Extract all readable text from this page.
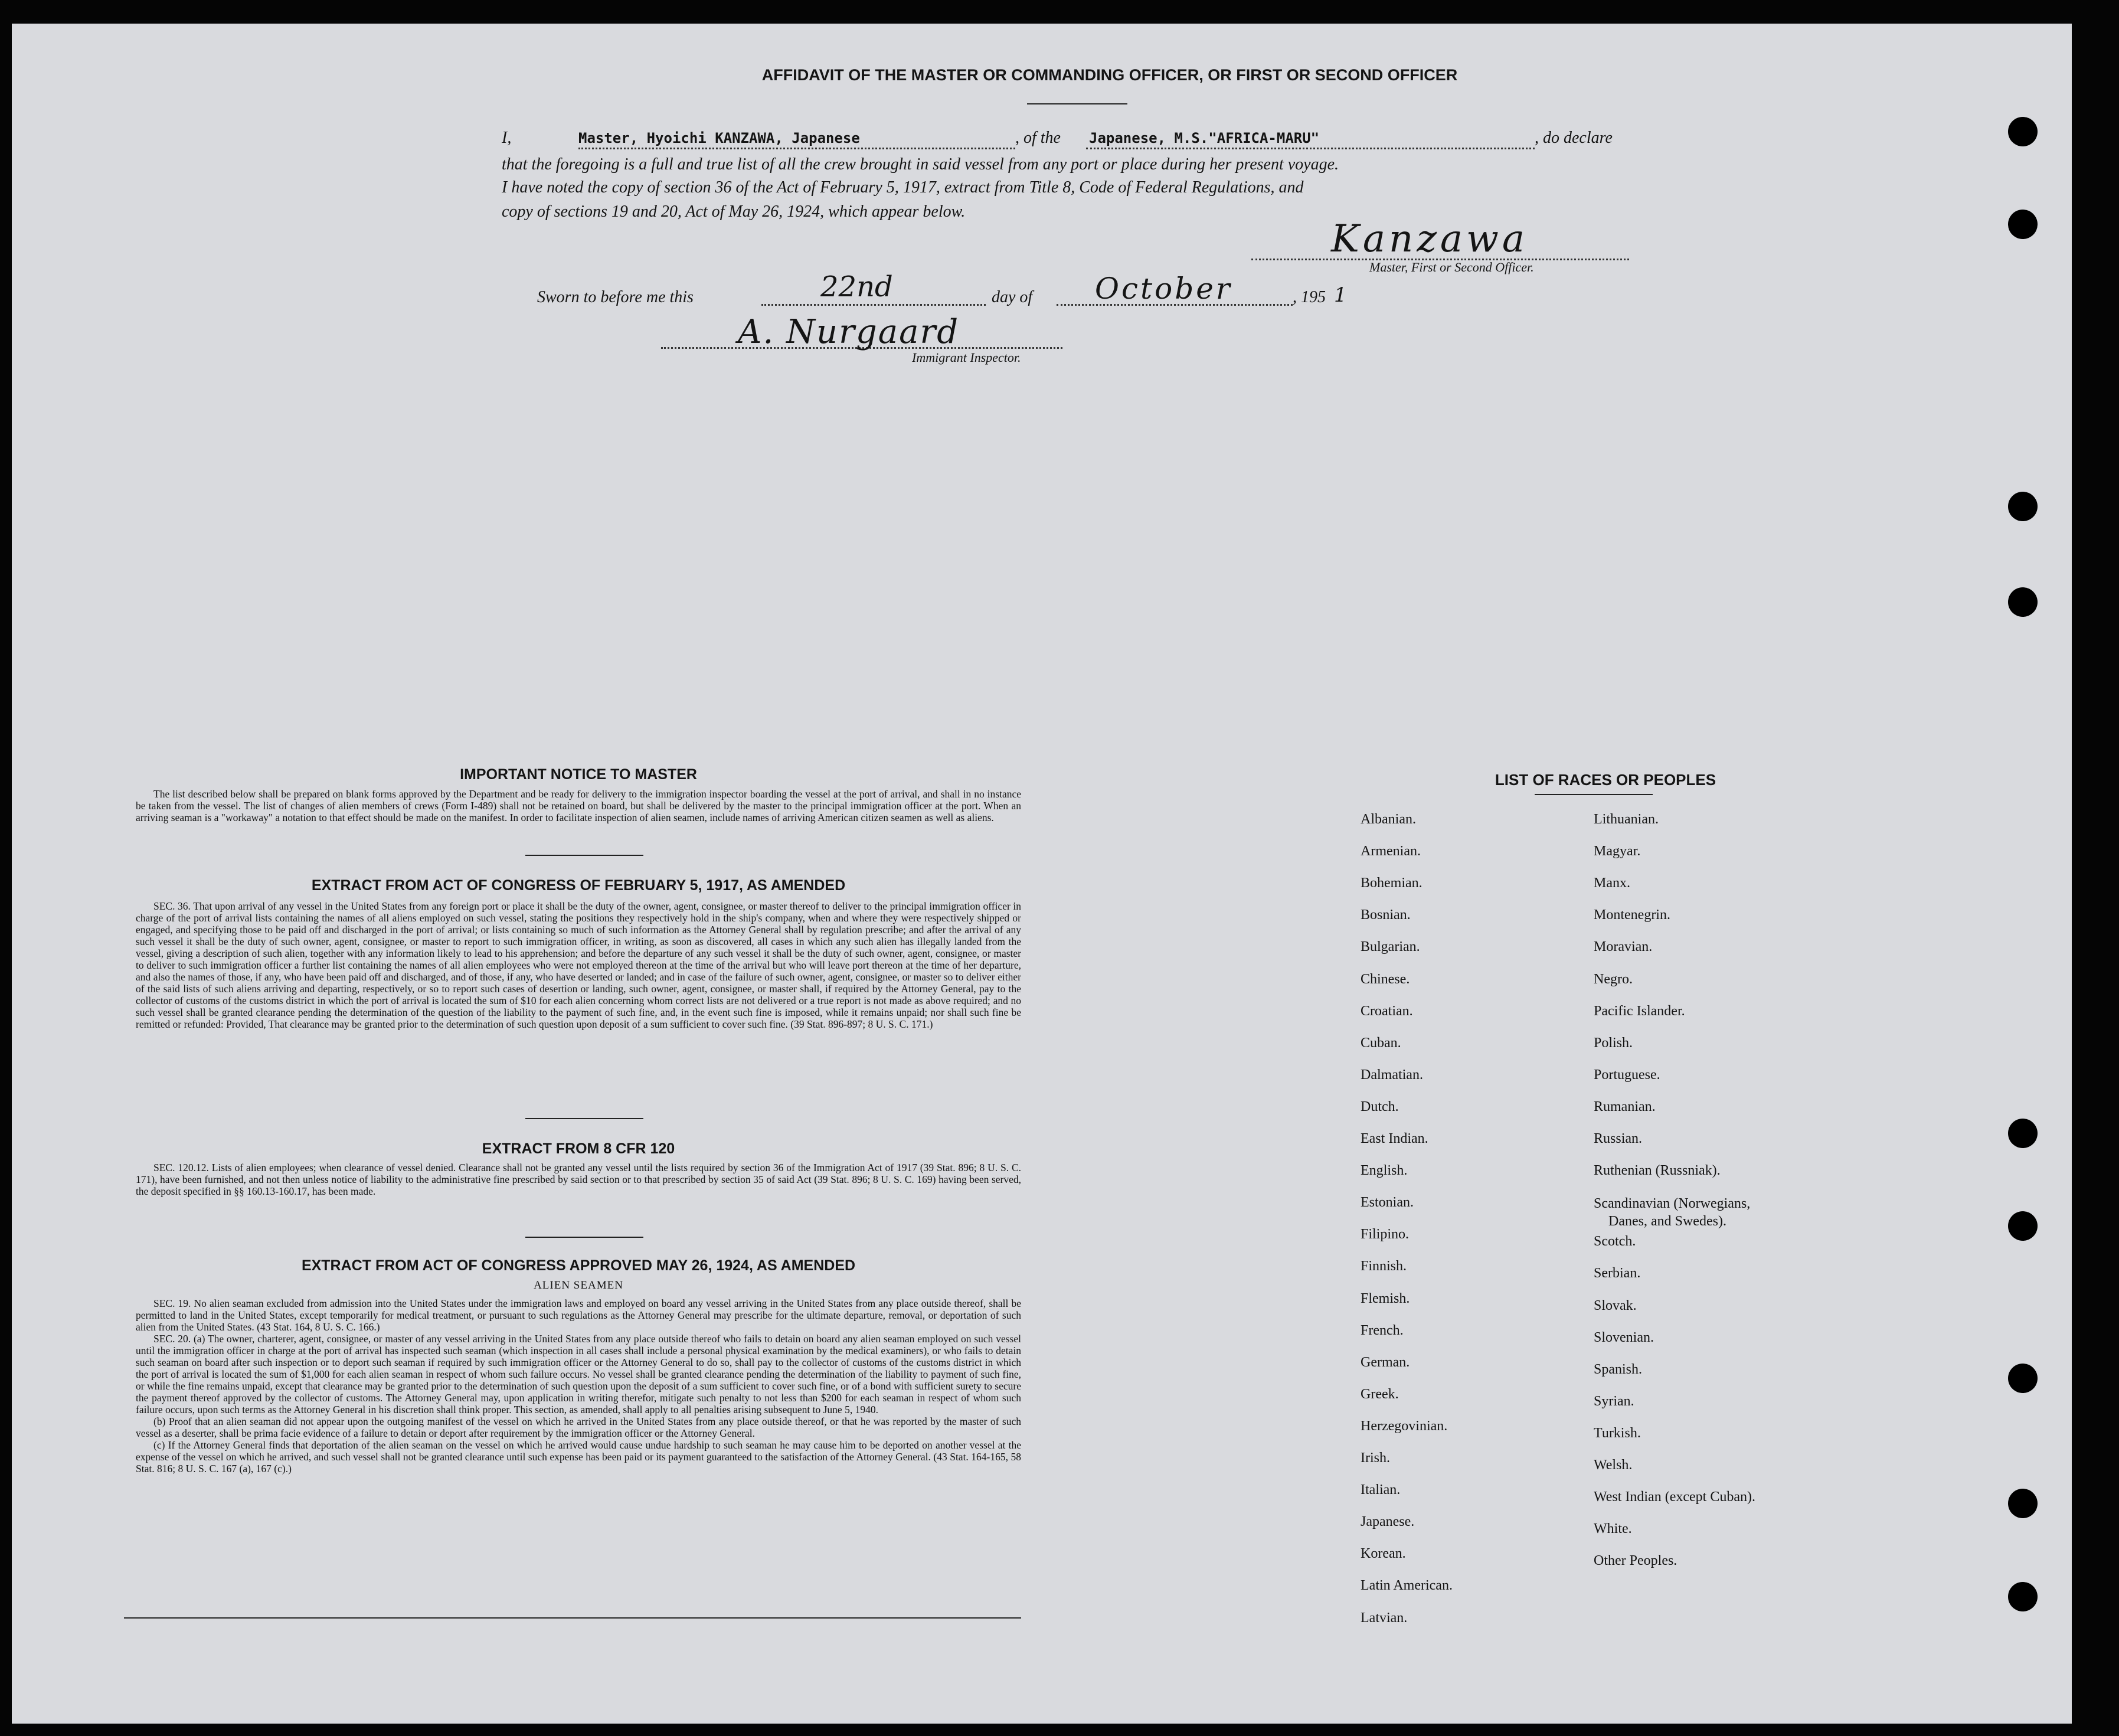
AFFIDAVIT OF THE MASTER OR COMMANDING OFFICER, OR FIRST OR SECOND OFFICER
I,	Master, Hyoichi KANZAWA, Japanese	, of the Japanese, M.S."AFRICA-MARU"	, do declare
that the foregoing is a full and true list of all the crew brought in said vessel from any port or place during her present voyage.
I have noted the copy of section 36 of the Act of February 5, 1917, extract from Title 8, Code of Federal Regulations, and
copy of sections 19 and 20, Act of May 26, 1924, which appear below.
Kanzawa
Master, First or Second Officer.
Sworn to before me this	22nd	day of October	, 195 1
A. Nurgaard
Immigrant Inspector.
IMPORTANT NOTICE TO MASTER

The list described below shall be prepared on blank forms approved by the Department and be ready for delivery to the immigration inspector boarding the vessel at the port of arrival, and shall in no instance be taken from the vessel. The list of changes of alien members of crews (Form I-489) shall not be retained on board, but shall be delivered by the master to the principal immigration officer at the port. When an arriving seaman is a "workaway" a notation to that effect should be made on the manifest. In order to facilitate inspection of alien seamen, include names of arriving American citizen seamen as well as aliens.

EXTRACT FROM ACT OF CONGRESS OF FEBRUARY 5, 1917, AS AMENDED

SEC. 36. That upon arrival of any vessel in the United States from any foreign port or place it shall be the duty of the owner, agent, consignee, or master thereof to deliver to the principal immigration officer in charge of the port of arrival lists containing the names of all aliens employed on such vessel, stating the positions they respectively hold in the ship's company, when and where they were respectively shipped or engaged, and specifying those to be paid off and discharged in the port of arrival; or lists containing so much of such information as the Attorney General shall by regulation prescribe; and after the arrival of any such vessel it shall be the duty of such owner, agent, consignee, or master to report to such immigration officer, in writing, as soon as discovered, all cases in which any such alien has illegally landed from the vessel, giving a description of such alien, together with any information likely to lead to his apprehension; and before the departure of any such vessel it shall be the duty of such owner, agent, consignee, or master to deliver to such immigration officer a further list containing the names of all alien employees who were not employed thereon at the time of the arrival but who will leave port thereon at the time of her departure, and also the names of those, if any, who have been paid off and discharged, and of those, if any, who have deserted or landed; and in case of the failure of such owner, agent, consignee, or master so to deliver either of the said lists of such aliens arriving and departing, respectively, or so to report such cases of desertion or landing, such owner, agent, consignee, or master shall, if required by the Attorney General, pay to the collector of customs of the customs district in which the port of arrival is located the sum of $10 for each alien concerning whom correct lists are not delivered or a true report is not made as above required; and no such vessel shall be granted clearance pending the determination of the question of the liability to the payment of such fine, and, in the event such fine is imposed, while it remains unpaid; nor shall such fine be remitted or refunded: Provided, That clearance may be granted prior to the determination of such question upon deposit of a sum sufficient to cover such fine. (39 Stat. 896-897; 8 U. S. C. 171.)

EXTRACT FROM 8 CFR 120

SEC. 120.12. Lists of alien employees; when clearance of vessel denied. Clearance shall not be granted any vessel until the lists required by section 36 of the Immigration Act of 1917 (39 Stat. 896; 8 U. S. C. 171), have been furnished, and not then unless notice of liability to the administrative fine prescribed by said section or to that prescribed by section 35 of said Act (39 Stat. 896; 8 U. S. C. 169) having been served, the deposit specified in §§ 160.13-160.17, has been made.

EXTRACT FROM ACT OF CONGRESS APPROVED MAY 26, 1924, AS AMENDED
ALIEN SEAMEN

SEC. 19. No alien seaman excluded from admission into the United States under the immigration laws and employed on board any vessel arriving in the United States from any place outside thereof, shall be permitted to land in the United States, except temporarily for medical treatment, or pursuant to such regulations as the Attorney General may prescribe for the ultimate departure, removal, or deportation of such alien from the United States. (43 Stat. 164, 8 U. S. C. 166.)

SEC. 20. (a) The owner, charterer, agent, consignee, or master of any vessel arriving in the United States from any place outside thereof who fails to detain on board any alien seaman employed on such vessel until the immigration officer in charge at the port of arrival has inspected such seaman (which inspection in all cases shall include a personal physical examination by the medical examiners), or who fails to detain such seaman on board after such inspection or to deport such seaman if required by such immigration officer or the Attorney General to do so, shall pay to the collector of customs of the customs district in which the port of arrival is located the sum of $1,000 for each alien seaman in respect of whom such failure occurs. No vessel shall be granted clearance pending the determination of the liability to payment of such fine, or while the fine remains unpaid, except that clearance may be granted prior to the determination of such question upon the deposit of a sum sufficient to cover such fine, or of a bond with sufficient surety to secure the payment thereof approved by the collector of customs. The Attorney General may, upon application in writing therefor, mitigate such penalty to not less than $200 for each seaman in respect of whom such failure occurs, upon such terms as the Attorney General in his discretion shall think proper. This section, as amended, shall apply to all penalties arising subsequent to June 5, 1940.

(b) Proof that an alien seaman did not appear upon the outgoing manifest of the vessel on which he arrived in the United States from any place outside thereof, or that he was reported by the master of such vessel as a deserter, shall be prima facie evidence of a failure to detain or deport after requirement by the immigration officer or the Attorney General.

(c) If the Attorney General finds that deportation of the alien seaman on the vessel on which he arrived would cause undue hardship to such seaman he may cause him to be deported on another vessel at the expense of the vessel on which he arrived, and such vessel shall not be granted clearance until such expense has been paid or its payment guaranteed to the satisfaction of the Attorney General. (43 Stat. 164-165, 58 Stat. 816; 8 U. S. C. 167 (a), 167 (c).)

LIST OF RACES OR PEOPLES
Albanian.
Armenian.
Bohemian.
Bosnian.
Bulgarian.
Chinese.
Croatian.
Cuban.
Dalmatian.
Dutch.
East Indian.
English.
Estonian.
Filipino.
Finnish.
Flemish.
French.
German.
Greek.
Herzegovinian.
Irish.
Italian.
Japanese.
Korean.
Latin American.
Latvian.
Lithuanian.
Magyar.
Manx.
Montenegrin.
Moravian.
Negro.
Pacific Islander.
Polish.
Portuguese.
Rumanian.
Russian.
Ruthenian (Russniak).
Scandinavian (Norwegians,
Danes, and Swedes).
Scotch.
Serbian.
Slovak.
Slovenian.
Spanish.
Syrian.
Turkish.
Welsh.
West Indian (except Cuban).
White.
Other Peoples.
